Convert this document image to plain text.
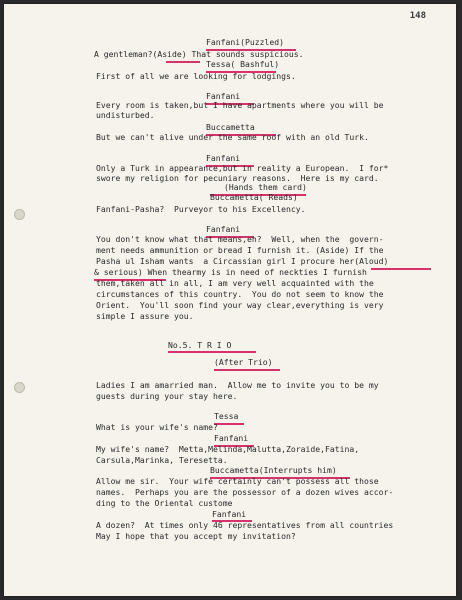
148
Fanfani(Puzzled)
A gentleman?(Aside) That sounds suspicious.
Tessa( Bashful)
First of all we are looking for lodgings.
Fanfani
Every room is taken,but I have apartments where you will be
undisturbed.
Buccametta
But we can't alive under the same roof with an old Turk.
Fanfani
Only a Turk in appearance,but in reality a European.  I for*
swore my religion for pecuniary reasons.  Here is my card.
(Hands them card)
Buccametta( Reads)
Fanfani-Pasha?  Purveyor to his Excellency.
Fanfani
You don't know what that means,eh?  Well, when the  govern-
ment needs ammunition or bread I furnish it. (Aside) If the
Pasha ul Isham wants  a Circassian girl I procure her(Aloud)
& serious) When thearmy is in need of neckties I furnish
them,taken all in all, I am very well acquainted with the
circumstances of this country.  You do not seem to know the
Orient.  You'll soon find your way clear,everything is very
simple I assure you.
No.5. T R I O
(After Trio)
Ladies I am amarried man.  Allow me to invite you to be my
guests during your stay here.
Tessa
What is your wife's name?
Fanfani
My wife's name?  Metta,Melinda,Malutta,Zoraide,Fatina,
Carsula,Marinka, Teresetta.
Buccametta(Interrupts him)
Allow me sir.  Your wife certainly can't possess all those
names.  Perhaps you are the possessor of a dozen wives accor-
ding to the Oriental custome
Fanfani
A dozen?  At times only 46 representatives from all countries
May I hope that you accept my invitation?
